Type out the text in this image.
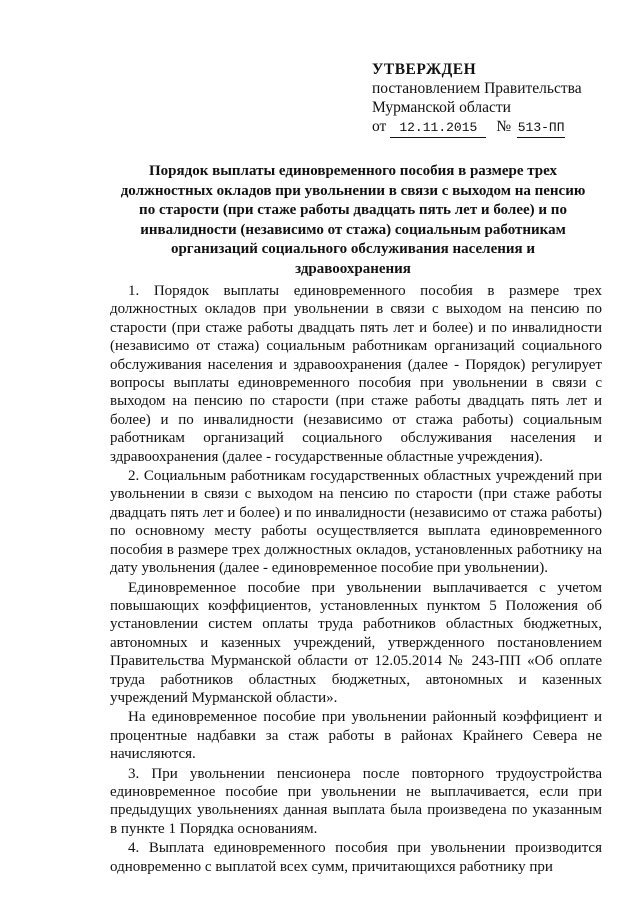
УТВЕРЖДЕН
постановлением Правительства
Мурманской области
от 12.11.2015	№ 513-ПП
Порядок выплаты единовременного пособия в размере трех должностных окладов при увольнении в связи с выходом на пенсию по старости (при стаже работы двадцать пять лет и более) и по инвалидности (независимо от стажа) социальным работникам организаций социального обслуживания населения и здравоохранения

1. Порядок выплаты единовременного пособия в размере трех должностных окладов при увольнении в связи с выходом на пенсию по старости (при стаже работы двадцать пять лет и более) и по инвалидности (независимо от стажа) социальным работникам организаций социального обслуживания населения и здравоохранения (далее - Порядок) регулирует вопросы выплаты единовременного пособия при увольнении в связи с выходом на пенсию по старости (при стаже работы двадцать пять лет и более) и по инвалидности (независимо от стажа работы) социальным работникам организаций социального обслуживания населения и здравоохранения (далее - государственные областные учреждения).

2. Социальным работникам государственных областных учреждений при увольнении в связи с выходом на пенсию по старости (при стаже работы двадцать пять лет и более) и по инвалидности (независимо от стажа работы) по основному месту работы осуществляется выплата единовременного пособия в размере трех должностных окладов, установленных работнику на дату увольнения (далее - единовременное пособие при увольнении).

Единовременное пособие при увольнении выплачивается с учетом повышающих коэффициентов, установленных пунктом 5 Положения об установлении систем оплаты труда работников областных бюджетных, автономных и казенных учреждений, утвержденного постановлением Правительства Мурманской области от 12.05.2014 № 243-ПП «Об оплате труда работников областных бюджетных, автономных и казенных учреждений Мурманской области».

На единовременное пособие при увольнении районный коэффициент и процентные надбавки за стаж работы в районах Крайнего Севера не начисляются.

3. При увольнении пенсионера после повторного трудоустройства единовременное пособие при увольнении не выплачивается, если при предыдущих увольнениях данная выплата была произведена по указанным в пункте 1 Порядка основаниям.

4. Выплата единовременного пособия при увольнении производится одновременно с выплатой всех сумм, причитающихся работнику при
